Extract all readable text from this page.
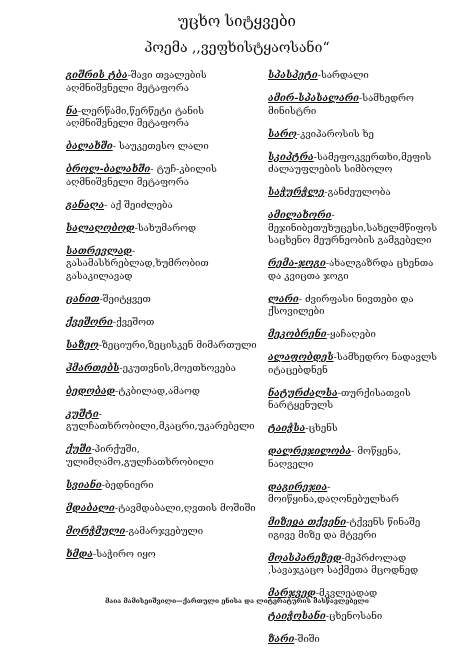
უცხო სიტყვები
პოემა ,,ვეფხისტყაოსანი“
გიშრის ტბა-შავი თვალების აღმნიშვნელი მეტაფორა
ნა-ლერწამი,წერწეტი ტანის აღმნიშვნელი მეტაფორა
ბალახში- საუკეთესო ლალი
ბროლ-ბალახში- ტუჩ-კბილის აღმნიშვნელი მეტაფორა
განაღა- აქ შეიძლება
სალაღობოდ-სახუმაროდ
სათრევლად-გასამასხრებლად,ხუმრობით გასაკილავად
ცანით-შეიტყვეთ
ქვეშორი-ქვეშოთ
საზეო-ზეციური,ზეცისკენ მიმართული
ჰმართებს-ეკუთვნის,მოეთხოვება
ბედობად-ტკბილად,ამაოდ
კუშტი-გულჩათხრობილი,მკაცრი,უკარებელი
ქუში-პირქუში, ულიმღამო,გულჩათხრობილი
სვიანი-ბედნიერი
მდაბალი-ტავმდაბალი,ღვთის მოშიში
მორჭმული-გამარჯვებული
ხმდა-საჭირო იყო
სპასპეტი-სარდალი
ამირ-სპასალარი-სამხედრო მინისტრი
სარო-კვიპაროსის ხე
სკიპტრა-სამეფოკვერთხი,მეფის ძალაუფლების სიმბოლო
საჭურჭლე-განძეულობა
ამილახორი-მეჯინიბეთუხუცესი,სახელმწიფოს საცხენო მეურნეობის გამგებელი
რემა-ჯოგი-ახალგაზრდა ცხენთა და კვიცთა ჯოგი
ლარი- ძვირფასი ნივთები და ქსოვილები
მეკობრენი-ყაჩაღები
ალაფობდეს-სამხედრო ნადავლს იტაცებდნენ
ნატურძალსა-თურქისათვის ნარტყენულს
ტაიჭსა-ცხენს
დალრეჯილობა- მოწყენა, ნაღველი
დაგირეჯია-მოიწყინა,დაღონებულხარ
მიზეჲა თქვენი-ტქვენს წინაშე იგივე მიზე და მტვერი
მოასპარეზედ-მეპრძოლად ,სავაჯკაცო საქმეთა მცოდნედ
მარჯვედ-მკვლეადად
ტაიჭოსანი-ცხენოსანი
ზარი-შიში
მაია მამისეიშვილი—ქართული ენისა და ლიტერატურის მასწავლებელი
